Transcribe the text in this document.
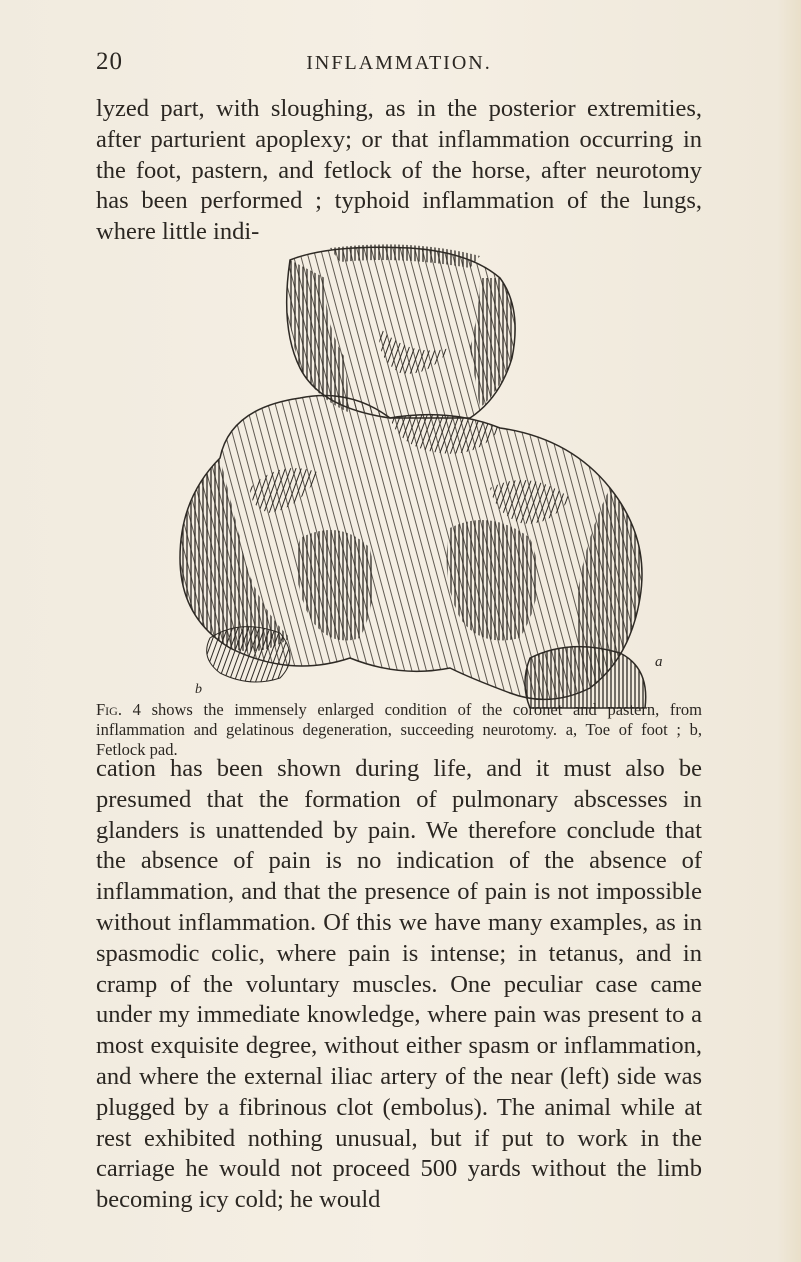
20	INFLAMMATION.

lyzed part, with sloughing, as in the posterior extremities, after parturient apoplexy; or that inflammation occurring in the foot, pastern, and fetlock of the horse, after neurotomy has been performed ; typhoid inflammation of the lungs, where little indi-

b
a

Fig. 4 shows the immensely enlarged condition of the coronet and pastern, from inflammation and gelatinous degeneration, succeeding neurotomy. a, Toe of foot ; b, Fetlock pad.

cation has been shown during life, and it must also be presumed that the formation of pulmonary abscesses in glanders is unattended by pain. We therefore conclude that the absence of pain is no indication of the absence of inflammation, and that the presence of pain is not impossible without inflammation. Of this we have many examples, as in spasmodic colic, where pain is intense; in tetanus, and in cramp of the voluntary muscles. One peculiar case came under my immediate knowledge, where pain was present to a most exquisite degree, without either spasm or inflammation, and where the external iliac artery of the near (left) side was plugged by a fibrinous clot (embolus). The animal while at rest exhibited nothing unusual, but if put to work in the carriage he would not proceed 500 yards without the limb becoming icy cold; he would
